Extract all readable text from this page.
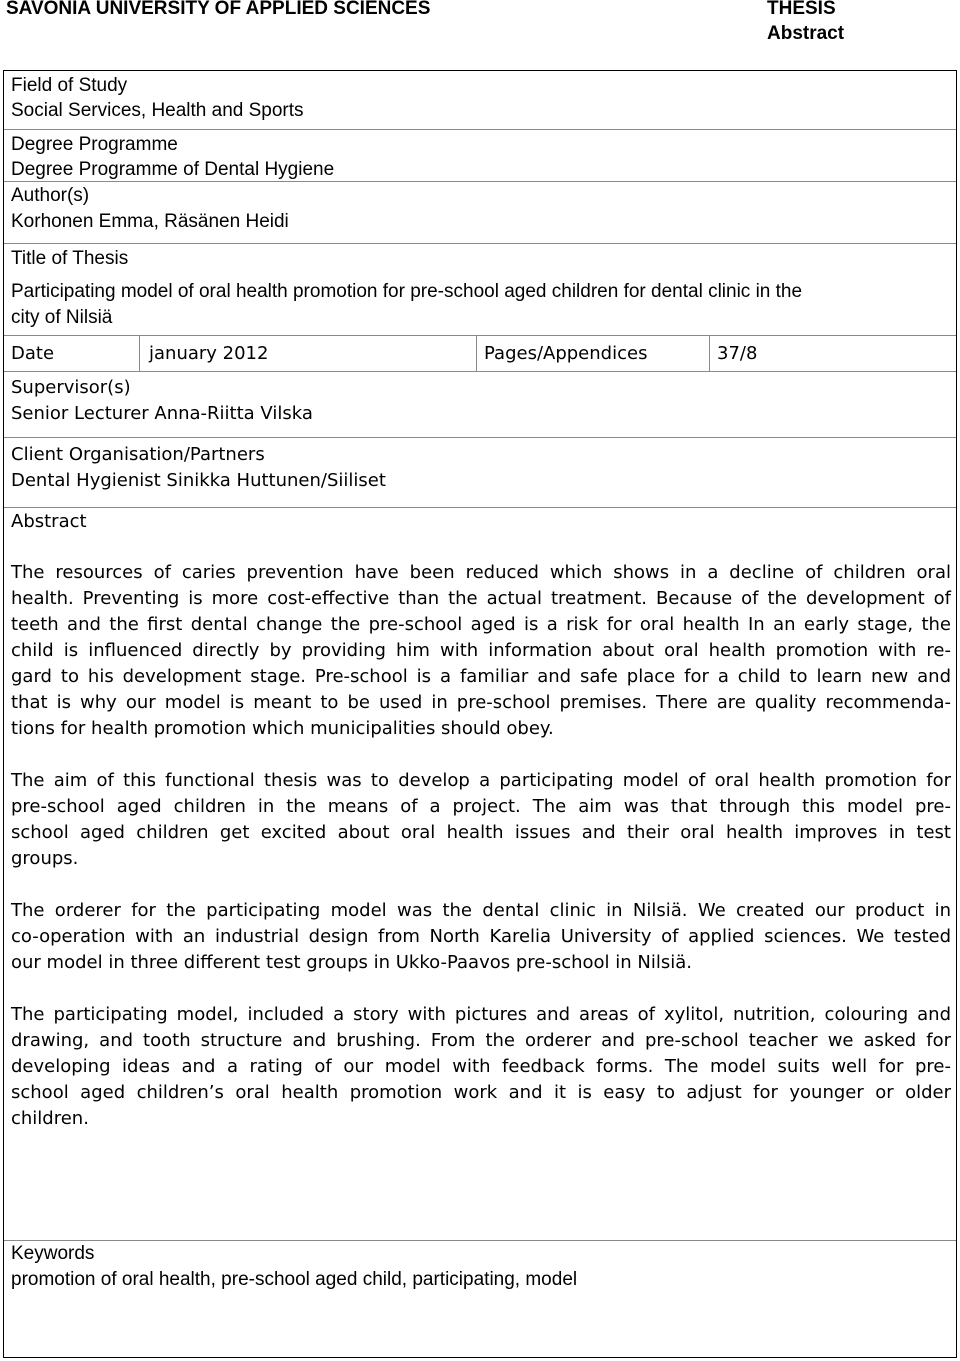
SAVONIA UNIVERSITY OF APPLIED SCIENCES	THESIS
Abstract
Field of Study
Social Services, Health and Sports
Degree Programme
Degree Programme of Dental Hygiene
Author(s)
Korhonen Emma, Räsänen Heidi
Title of Thesis
Participating model of oral health promotion for pre-school aged children for dental clinic in the
city of Nilsiä
Date	january 2012	Pages/Appendices	37/8
Supervisor(s)
Senior Lecturer Anna-Riitta Vilska
Client Organisation/Partners
Dental Hygienist Sinikka Huttunen/Siiliset
Abstract
The resources of caries prevention have been reduced which shows in a decline of children oral
health. Preventing is more cost-effective than the actual treatment. Because of the development of
teeth and the first dental change the pre-school aged is a risk for oral health In an early stage, the
child is influenced directly by providing him with information about oral health promotion with re-
gard to his development stage. Pre-school is a familiar and safe place for a child to learn new and
that is why our model is meant to be used in pre-school premises. There are quality recommenda-
tions for health promotion which municipalities should obey.
The aim of this functional thesis was to develop a participating model of oral health promotion for
pre-school aged children in the means of a project. The aim was that through this model pre-
school aged children get excited about oral health issues and their oral health improves in test
groups.
The orderer for the participating model was the dental clinic in Nilsiä. We created our product in
co-operation with an industrial design from North Karelia University of applied sciences. We tested
our model in three different test groups in Ukko-Paavos pre-school in Nilsiä.
The participating model, included a story with pictures and areas of xylitol, nutrition, colouring and
drawing, and tooth structure and brushing. From the orderer and pre-school teacher we asked for
developing ideas and a rating of our model with feedback forms. The model suits well for pre-
school aged children’s oral health promotion work and it is easy to adjust for younger or older
children.
Keywords
promotion of oral health, pre-school aged child, participating, model
